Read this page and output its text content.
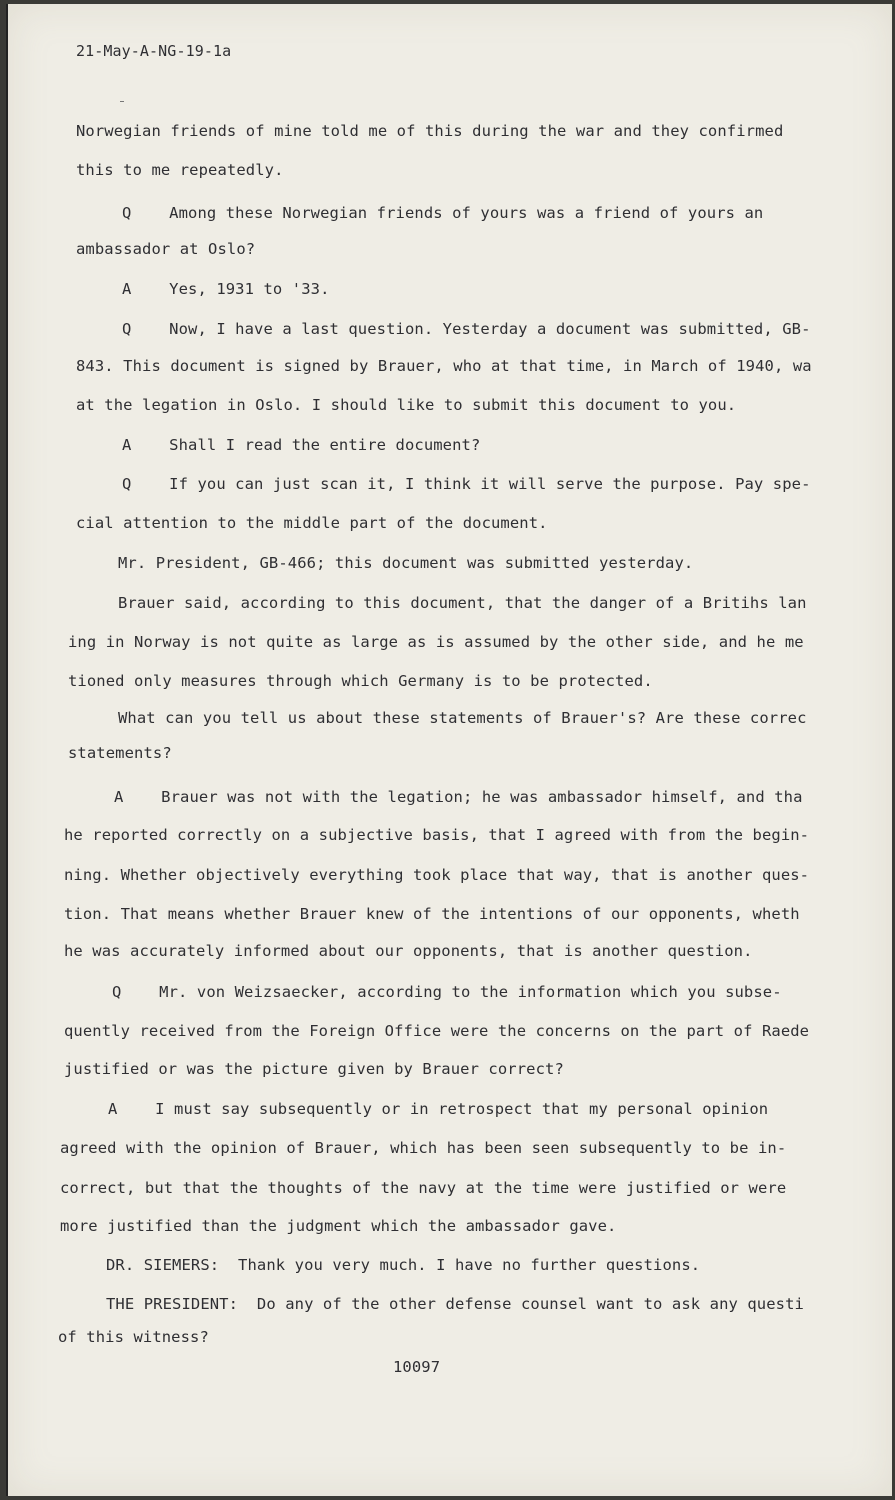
21-May-A-NG-19-1a
Norwegian friends of mine told me of this during the war and they confirmed
this to me repeatedly.
Q    Among these Norwegian friends of yours was a friend of yours an
ambassador at Oslo?
A    Yes, 1931 to '33.
Q    Now, I have a last question. Yesterday a document was submitted, GB-
843. This document is signed by Brauer, who at that time, in March of 1940, wa
at the legation in Oslo. I should like to submit this document to you.
A    Shall I read the entire document?
Q    If you can just scan it, I think it will serve the purpose. Pay spe-
cial attention to the middle part of the document.
Mr. President, GB-466; this document was submitted yesterday.
Brauer said, according to this document, that the danger of a Britihs lan
ing in Norway is not quite as large as is assumed by the other side, and he me
tioned only measures through which Germany is to be protected.
What can you tell us about these statements of Brauer's? Are these correc
statements?
A    Brauer was not with the legation; he was ambassador himself, and tha
he reported correctly on a subjective basis, that I agreed with from the begin-
ning. Whether objectively everything took place that way, that is another ques-
tion. That means whether Brauer knew of the intentions of our opponents, wheth
he was accurately informed about our opponents, that is another question.
Q    Mr. von Weizsaecker, according to the information which you subse-
quently received from the Foreign Office were the concerns on the part of Raede
justified or was the picture given by Brauer correct?
A    I must say subsequently or in retrospect that my personal opinion
agreed with the opinion of Brauer, which has been seen subsequently to be in-
correct, but that the thoughts of the navy at the time were justified or were
more justified than the judgment which the ambassador gave.
DR. SIEMERS:  Thank you very much. I have no further questions.
THE PRESIDENT:  Do any of the other defense counsel want to ask any questi
of this witness?
10097
